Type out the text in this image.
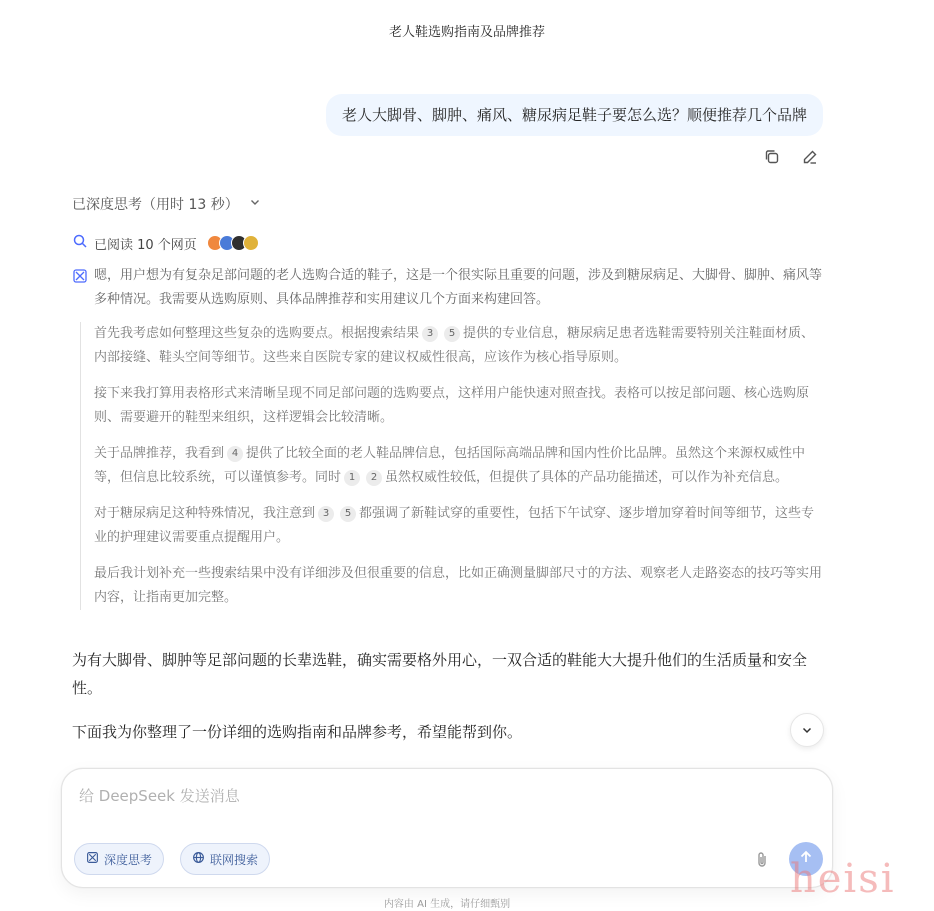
老人鞋选购指南及品牌推荐
老人大脚骨、脚肿、痛风、糖尿病足鞋子要怎么选？顺便推荐几个品牌
已深度思考（用时 13 秒）
已阅读 10 个网页
嗯，用户想为有复杂足部问题的老人选购合适的鞋子，这是一个很实际且重要的问题，涉及到糖尿病足、大脚骨、脚肿、痛风等多种情况。我需要从选购原则、具体品牌推荐和实用建议几个方面来构建回答。

首先我考虑如何整理这些复杂的选购要点。根据搜索结果 3 5 提供的专业信息，糖尿病足患者选鞋需要特别关注鞋面材质、内部接缝、鞋头空间等细节。这些来自医院专家的建议权威性很高，应该作为核心指导原则。

接下来我打算用表格形式来清晰呈现不同足部问题的选购要点，这样用户能快速对照查找。表格可以按足部问题、核心选购原则、需要避开的鞋型来组织，这样逻辑会比较清晰。

关于品牌推荐，我看到 4 提供了比较全面的老人鞋品牌信息，包括国际高端品牌和国内性价比品牌。虽然这个来源权威性中等，但信息比较系统，可以谨慎参考。同时 1 2 虽然权威性较低，但提供了具体的产品功能描述，可以作为补充信息。

对于糖尿病足这种特殊情况，我注意到 3 5 都强调了新鞋试穿的重要性，包括下午试穿、逐步增加穿着时间等细节，这些专业的护理建议需要重点提醒用户。

最后我计划补充一些搜索结果中没有详细涉及但很重要的信息，比如正确测量脚部尺寸的方法、观察老人走路姿态的技巧等实用内容，让指南更加完整。

为有大脚骨、脚肿等足部问题的长辈选鞋，确实需要格外用心，一双合适的鞋能大大提升他们的生活质量和安全性。

下面我为你整理了一份详细的选购指南和品牌参考，希望能帮到你。

给 DeepSeek 发送消息
深度思考	联网搜索
内容由 AI 生成，请仔细甄别
heisi
